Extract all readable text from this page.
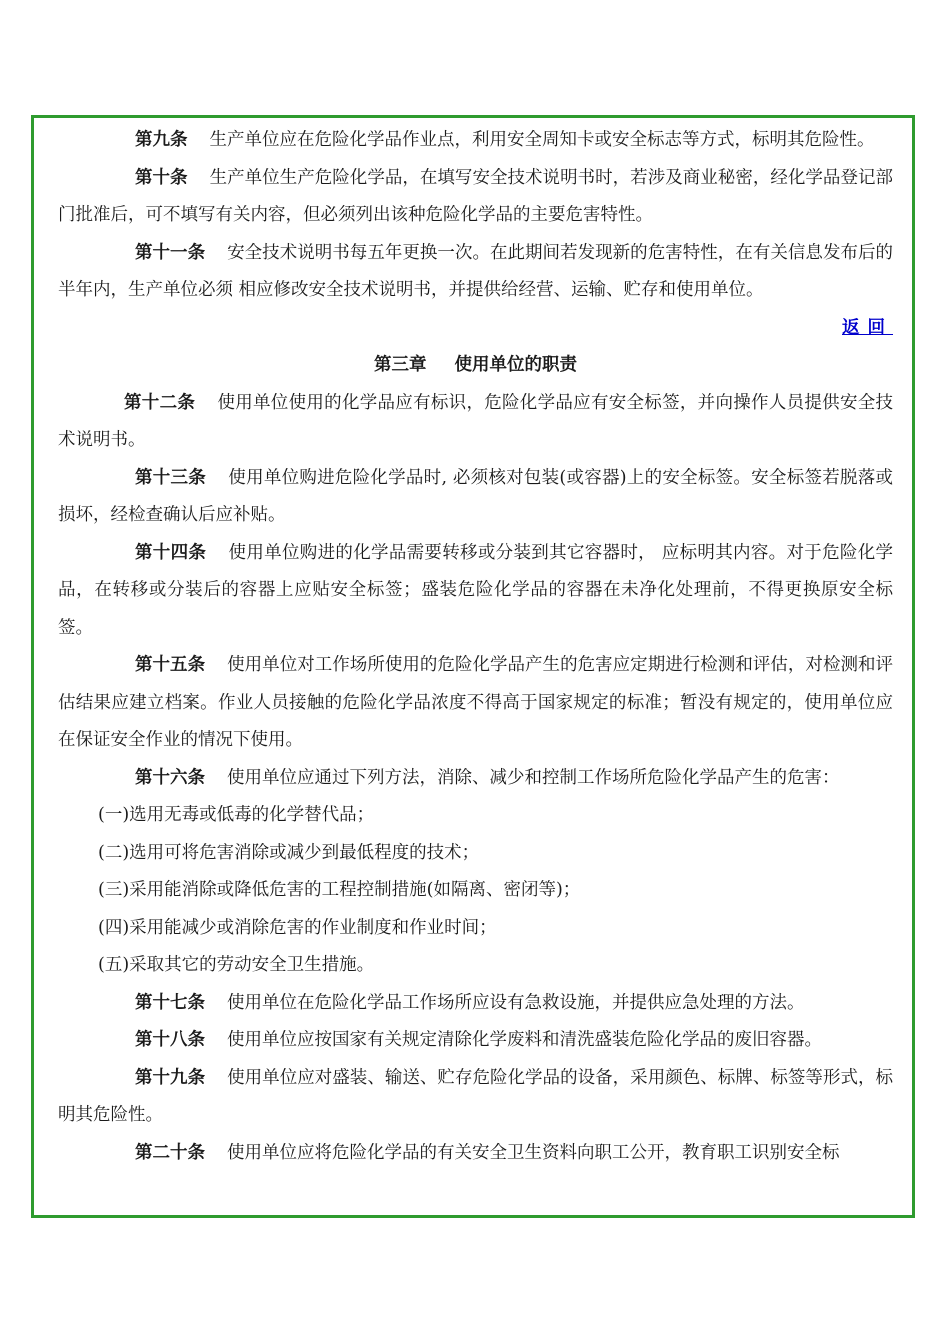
第九条 生产单位应在危险化学品作业点，利用安全周知卡或安全标志等方式，标明其危险性。

第十条 生产单位生产危险化学品，在填写安全技术说明书时，若涉及商业秘密，经化学品登记部门批准后，可不填写有关内容，但必须列出该种危险化学品的主要危害特性。

第十一条 安全技术说明书每五年更换一次。在此期间若发现新的危害特性，在有关信息发布后的半年内，生产单位必须 相应修改安全技术说明书，并提供给经营、运输、贮存和使用单位。

返回

第三章 使用单位的职责

第十二条 使用单位使用的化学品应有标识，危险化学品应有安全标签，并向操作人员提供安全技术说明书。

第十三条 使用单位购进危险化学品时, 必须核对包装(或容器)上的安全标签。安全标签若脱落或损坏，经检查确认后应补贴。

第十四条 使用单位购进的化学品需要转移或分装到其它容器时， 应标明其内容。对于危险化学品，在转移或分装后的容器上应贴安全标签；盛装危险化学品的容器在未净化处理前，不得更换原安全标签。

第十五条 使用单位对工作场所使用的危险化学品产生的危害应定期进行检测和评估，对检测和评估结果应建立档案。作业人员接触的危险化学品浓度不得高于国家规定的标准；暂没有规定的，使用单位应在保证安全作业的情况下使用。

第十六条 使用单位应通过下列方法，消除、减少和控制工作场所危险化学品产生的危害：

(一)选用无毒或低毒的化学替代品；

(二)选用可将危害消除或减少到最低程度的技术；

(三)采用能消除或降低危害的工程控制措施(如隔离、密闭等)；

(四)采用能减少或消除危害的作业制度和作业时间；

(五)采取其它的劳动安全卫生措施。

第十七条 使用单位在危险化学品工作场所应设有急救设施，并提供应急处理的方法。

第十八条 使用单位应按国家有关规定清除化学废料和清洗盛装危险化学品的废旧容器。

第十九条 使用单位应对盛装、输送、贮存危险化学品的设备，采用颜色、标牌、标签等形式，标明其危险性。

第二十条 使用单位应将危险化学品的有关安全卫生资料向职工公开，教育职工识别安全标
